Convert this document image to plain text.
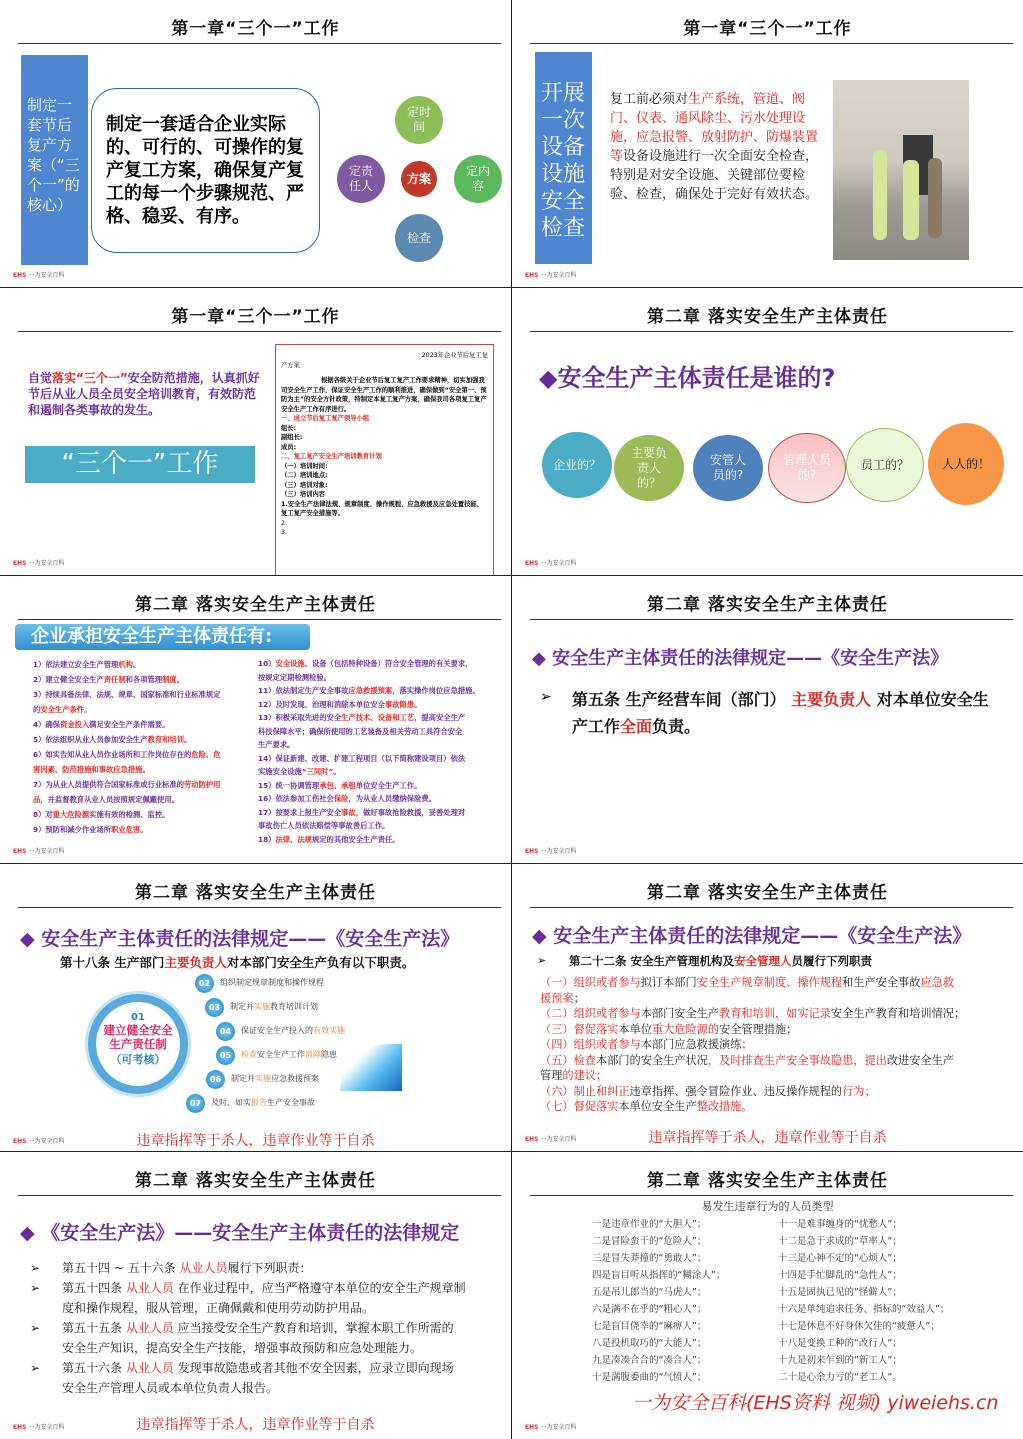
第一章“三个一”工作
制定一套节后复产方案（“三个一”的核心）
制定一套适合企业实际的、可行的、可操作的复产复工方案，确保复产复工的每一个步骤规范、严格、稳妥、有序。
定时间
方案
定内容
定责任人
检查
EHS 一为安全百科
第一章“三个一”工作
开展一次设备设施安全检查
复工前必须对生产系统，管道、阀门、仪表、通风除尘、污水处理设施，应急报警、放射防护、防爆装置等设备设施进行一次全面安全检查，特别是对安全设施、关键部位要检验、检查，确保处于完好有效状态。
EHS 一为安全百科
第一章“三个一”工作
自觉落实“三个一”安全防范措施，认真抓好节后从业人员全员安全培训教育，有效防范和遏制各类事故的发生。
“三个一”工作
2023年企业节后复工复
产方案
根据各级关于企业节后复工复产工作要求精神，切实加强我司安全生产工作，保证安全生产工作的顺利推进，确保做到“安全第一、预防为主”的安全方针政策，特制定本复工复产方案，确保我司各项复工复产安全生产工作有序进行。
一、成立节后复工复产领导小组
组长:
副组长:
成员:
二、复工复产安全生产培训教育计划
（一）培训时间:
（二）培训地点:
（三）培训对象:
（三）培训内容
1.安全生产法律法规、规章制度、操作规程、应急救援及应急处置技能、复工复产安全措施等。
2.
3.
EHS 一为安全百科
第二章 落实安全生产主体责任
◆安全生产主体责任是谁的?
企业的？
主要负责人的？
安管人员的?
管理人员的?
员工的？	人人的！
EHS 一为安全百科
第二章 落实安全生产主体责任
企业承担安全生产主体责任有:
1）依法建立安全生产管理机构。
2）建立健全安全生产责任制和各项管理制度。
3）持续具备法律、法规、规章、国家标准和行业标准规定
的安全生产条件。
4）确保资金投入满足安全生产条件需要。
5）依法组织从业人员参加安全生产教育和培训。
6）如实告知从业人员作业场所和工作岗位存在的危险、危
害因素、防范措施和事故应急措施。
7）为从业人员提供符合国家标准或行业标准的劳动防护用
品，并监督教育从业人员按照规定佩戴使用。
8）对重大危险源实施有效的检测、监控。
9）预防和减少作业场所职业危害。
10）安全设施、设备（包括特种设备）符合安全管理的有关要求，
按规定定期检测检验。
11）依法制定生产安全事故应急救援预案，落实操作岗位应急措施。
12）及时发现、治理和消除本单位安全事故隐患。
13）积极采取先进的安全生产技术、设备和工艺，提高安全生产
科技保障水平；确保所使用的工艺装备及相关劳动工具符合安全
生产要求。
14）保证新建、改建、扩建工程项目（以下简称建设项目）依法
实施安全设施“三同时”。
15）统一协调管理承包、承租单位安全生产工作。
16）依法参加工伤社会保险，为从业人员缴纳保险费。
17）按要求上报生产安全事故，做好事故抢险救援，妥善处理对
事故伤亡人员依法赔偿等事故善后工作。
18）法律、法规规定的其他安全生产责任。
EHS 一为安全百科
第二章 落实安全生产主体责任
◆ 安全生产主体责任的法律规定——《安全生产法》
➢ 第五条 生产经营车间（部门） 主要负责人 对本单位安全生产工作全面负责。
EHS 一为安全百科
第二章 落实安全生产主体责任
◆ 安全生产主体责任的法律规定——《安全生产法》
第十八条 生产部门主要负责人对本部门安全生产负有以下职责。
01
建立健全安全生产责任制
（可考核）
02	组织制定规章制度和操作规程
03	制定并实施教育培训计划
04	保证安全生产投入的有效实施
05	检查安全生产工作消除隐患
06	制定并实施应急救援预案
07	及时、如实报告生产安全事故
违章指挥等于杀人，违章作业等于自杀
EHS 一为安全百科
第二章 落实安全生产主体责任
◆ 安全生产主体责任的法律规定——《安全生产法》
➢ 第二十二条 安全生产管理机构及安全管理人员履行下列职责
（一）组织或者参与拟订本部门安全生产规章制度、操作规程和生产安全事故应急救
援预案；
（二）组织或者参与本部门安全生产教育和培训，如实记录安全生产教育和培训情况；
（三）督促落实本单位重大危险源的安全管理措施；
（四）组织或者参与本部门应急救援演练；
（五）检查本部门的安全生产状况，及时排查生产安全事故隐患，提出改进安全生产
管理的建议；
（六）制止和纠正违章指挥、强令冒险作业、违反操作规程的行为；
（七）督促落实本单位安全生产整改措施。
违章指挥等于杀人，违章作业等于自杀
EHS 一为安全百科
第二章 落实安全生产主体责任
◆ 《安全生产法》——安全生产主体责任的法律规定
➢ 第五十四 ~ 五十六条 从业人员履行下列职责：
➢ 第五十四条 从业人员 在作业过程中，应当严格遵守本单位的安全生产规章制
度和操作规程，服从管理，正确佩戴和使用劳动防护用品。
➢ 第五十五条 从业人员 应当接受安全生产教育和培训，掌握本职工作所需的
安全生产知识，提高安全生产技能，增强事故预防和应急处理能力。
➢ 第五十六条 从业人员 发现事故隐患或者其他不安全因素，应录立即向现场
安全生产管理人员或本单位负责人报告。
违章指挥等于杀人，违章作业等于自杀
EHS 一为安全百科
第二章 落实安全生产主体责任
易发生违章行为的人员类型
一是违章作业的“大胆人”；
二是冒险蛮干的“危险人”；
三是冒失莽撞的“勇敢人”；
四是盲目听从指挥的“糊涂人”；
五是吊儿郎当的“马虎人”；
六是满不在乎的“粗心人”；
七是盲目侥幸的“麻痹人”；
八是投机取巧的“大能人”；
九是凑凑合合的“凑合人”；
十是满腹委曲的“气愤人”；
十一是难事缠身的“忧愁人”；
十二是急于求成的“草率人”；
十三是心神不定的“心烦人”；
十四是手忙脚乱的“急性人”；
十五是固执已见的“怪僻人”；
十六是单纯追求任务、指标的“效益人”；
十七是休息不好身休欠佳的“疲惫人”；
十八是变换工种的“改行人”；
十九是初来乍到的“新工人”；
二十是心余力亏的“老工人”。
一为安全百科(EHS资料 视频) yiweiehs.cn
EHS 一为安全百科
